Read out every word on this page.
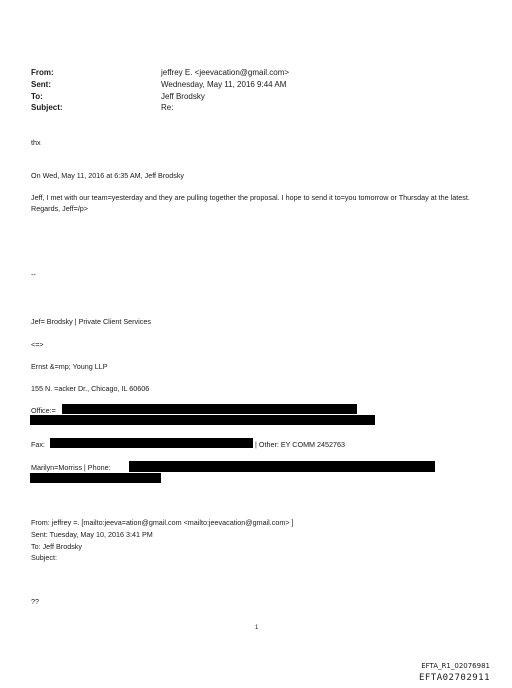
From:	jeffrey E. <jeevacation@gmail.com>
Sent:	Wednesday, May 11, 2016 9:44 AM
To:	Jeff Brodsky
Subject:	Re:
thx
On Wed, May 11, 2016 at 6:35 AM, Jeff Brodsky
Jeff, I met with our team=yesterday and they are pulling together the proposal. I hope to send it to=you tomorrow or Thursday at the latest. Regards, Jeff=/p>
--
Jef= Brodsky | Private Client Services
<=>
Ernst &=mp; Young LLP
155 N. =acker Dr., Chicago, IL 60606
Office:=
Fax:	| Other: EY COMM 2452763
Marilyn=Morriss | Phone:
From: jeffrey =. [mailto:jeeva=ation@gmail.com <mailto:jeevacation@gmail.com> ]
Sent: Tuesday, May 10, 2016 3:41 PM
To: Jeff Brodsky
Subject:
??
1
EFTA_R1_02076981
EFTA02702911
